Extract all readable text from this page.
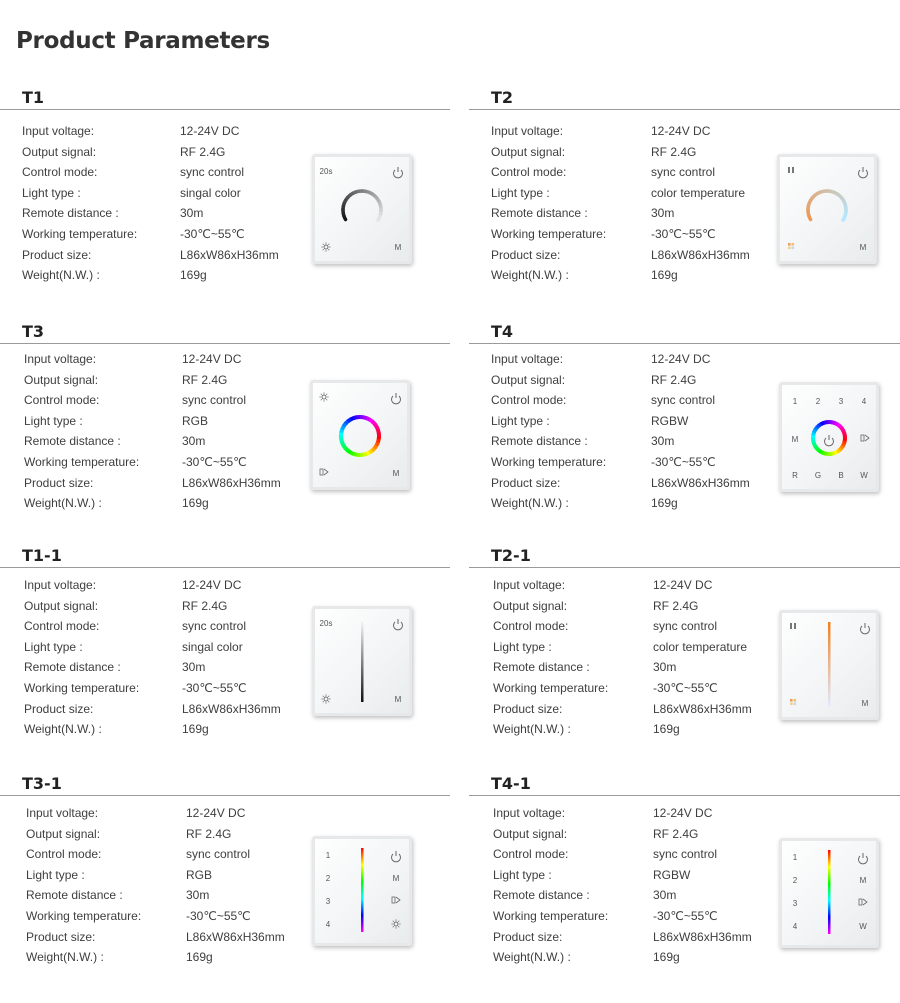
Product Parameters
T1
Input voltage:	12-24V DC
Output signal:	RF 2.4G
Control mode:	sync control
Light type :	singal color
Remote distance :	30m
Working temperature:	-30℃~55℃
Product size:	L86xW86xH36mm
Weight(N.W.) :	169g
20s
M
T2
Input voltage:	12-24V DC
Output signal:	RF 2.4G
Control mode:	sync control
Light type :	color temperature
Remote distance :	30m
Working temperature:	-30℃~55℃
Product size:	L86xW86xH36mm
Weight(N.W.) :	169g
M
T3
Input voltage:	12-24V DC
Output signal:	RF 2.4G
Control mode:	sync control
Light type :	RGB
Remote distance :	30m
Working temperature:	-30℃~55℃
Product size:	L86xW86xH36mm
Weight(N.W.) :	169g
M
T4
Input voltage:	12-24V DC
Output signal:	RF 2.4G
Control mode:	sync control
Light type :	RGBW
Remote distance :	30m
Working temperature:	-30℃~55℃
Product size:	L86xW86xH36mm
Weight(N.W.) :	169g
1 2 3 4
M
R G B W
T1-1
Input voltage:	12-24V DC
Output signal:	RF 2.4G
Control mode:	sync control
Light type :	singal color
Remote distance :	30m
Working temperature:	-30℃~55℃
Product size:	L86xW86xH36mm
Weight(N.W.) :	169g
20s
M
T2-1
Input voltage:	12-24V DC
Output signal:	RF 2.4G
Control mode:	sync control
Light type :	color temperature
Remote distance :	30m
Working temperature:	-30℃~55℃
Product size:	L86xW86xH36mm
Weight(N.W.) :	169g
M
T3-1
Input voltage:	12-24V DC
Output signal:	RF 2.4G
Control mode:	sync control
Light type :	RGB
Remote distance :	30m
Working temperature:	-30℃~55℃
Product size:	L86xW86xH36mm
Weight(N.W.) :	169g
1
2
3
4
M
T4-1
Input voltage:	12-24V DC
Output signal:	RF 2.4G
Control mode:	sync control
Light type :	RGBW
Remote distance :	30m
Working temperature:	-30℃~55℃
Product size:	L86xW86xH36mm
Weight(N.W.) :	169g
1
2
3
4
M
W
